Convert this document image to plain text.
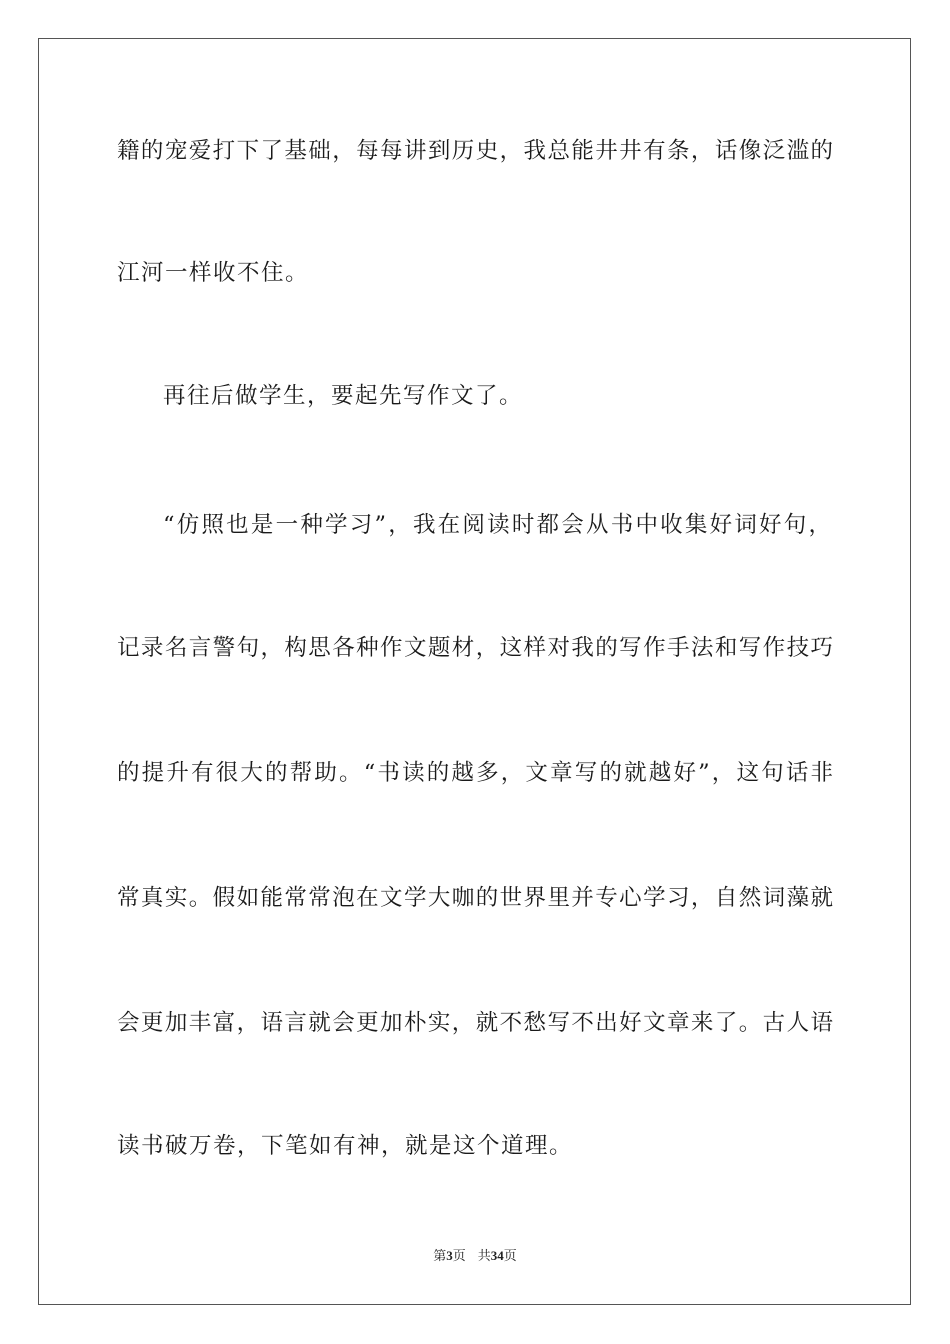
籍的宠爱打下了基础，每每讲到历史，我总能井井有条，话像泛滥的
江河一样收不住。
再往后做学生，要起先写作文了。
“仿照也是一种学习”，我在阅读时都会从书中收集好词好句，
记录名言警句，构思各种作文题材，这样对我的写作手法和写作技巧
的提升有很大的帮助。“书读的越多，文章写的就越好”，这句话非
常真实。假如能常常泡在文学大咖的世界里并专心学习，自然词藻就
会更加丰富，语言就会更加朴实，就不愁写不出好文章来了。古人语
读书破万卷，下笔如有神，就是这个道理。
第3页 共34页
